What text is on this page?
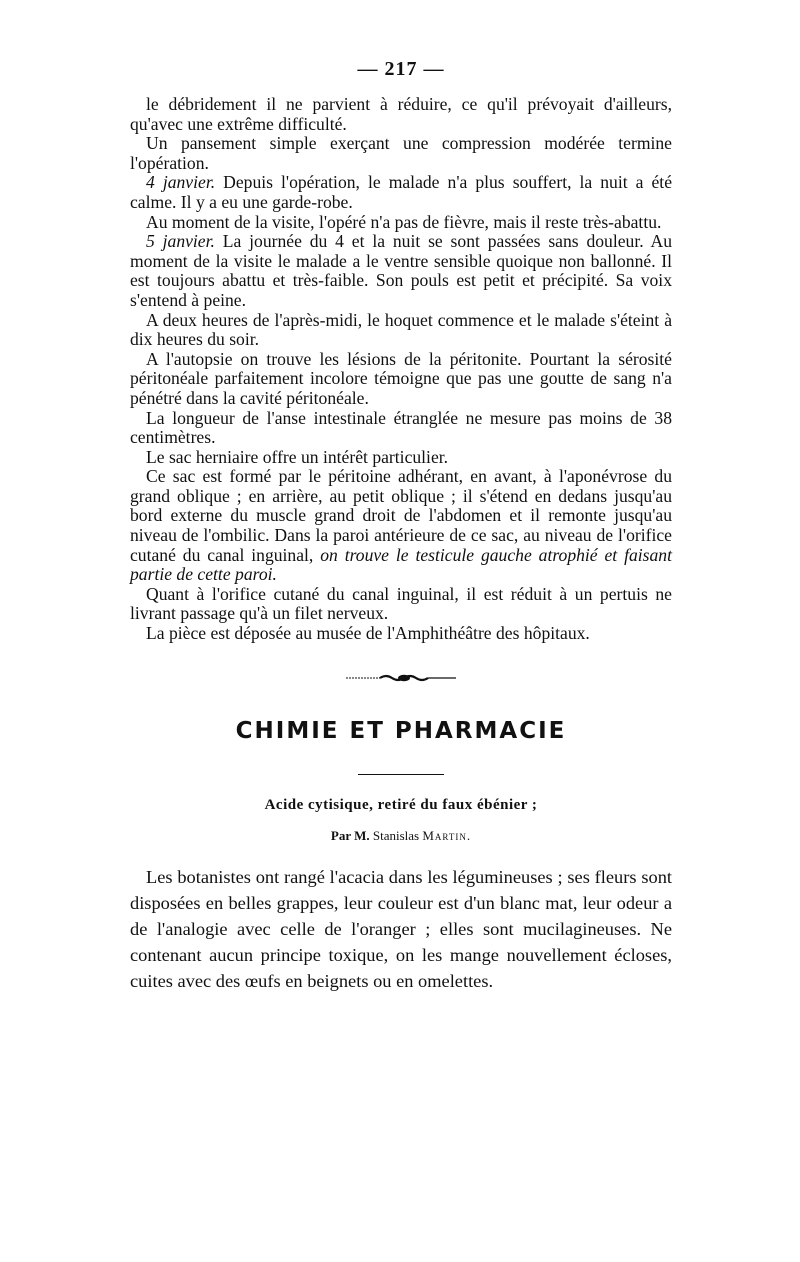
— 217 —

le débridement il ne parvient à réduire, ce qu'il prévoyait d'ailleurs, qu'avec une extrême difficulté.

Un pansement simple exerçant une compression modérée termine l'opération.

4 janvier. Depuis l'opération, le malade n'a plus souffert, la nuit a été calme. Il y a eu une garde-robe.

Au moment de la visite, l'opéré n'a pas de fièvre, mais il reste très-abattu.

5 janvier. La journée du 4 et la nuit se sont passées sans douleur. Au moment de la visite le malade a le ventre sensible quoique non ballonné. Il est toujours abattu et très-faible. Son pouls est petit et précipité. Sa voix s'entend à peine.

A deux heures de l'après-midi, le hoquet commence et le malade s'éteint à dix heures du soir.

A l'autopsie on trouve les lésions de la péritonite. Pourtant la sérosité péritonéale parfaitement incolore témoigne que pas une goutte de sang n'a pénétré dans la cavité péritonéale.

La longueur de l'anse intestinale étranglée ne mesure pas moins de 38 centimètres.

Le sac herniaire offre un intérêt particulier.

Ce sac est formé par le péritoine adhérant, en avant, à l'aponévrose du grand oblique ; en arrière, au petit oblique ; il s'étend en dedans jusqu'au bord externe du muscle grand droit de l'abdomen et il remonte jusqu'au niveau de l'ombilic. Dans la paroi antérieure de ce sac, au niveau de l'orifice cutané du canal inguinal, on trouve le testicule gauche atrophié et faisant partie de cette paroi.

Quant à l'orifice cutané du canal inguinal, il est réduit à un pertuis ne livrant passage qu'à un filet nerveux.

La pièce est déposée au musée de l'Amphithéâtre des hôpitaux.

CHIMIE ET PHARMACIE
Acide cytisique, retiré du faux ébénier ;
Par M. Stanislas Martin.

Les botanistes ont rangé l'acacia dans les légumineuses ; ses fleurs sont disposées en belles grappes, leur couleur est d'un blanc mat, leur odeur a de l'analogie avec celle de l'oranger ; elles sont mucilagineuses. Ne contenant aucun principe toxique, on les mange nouvellement écloses, cuites avec des œufs en beignets ou en omelettes.
